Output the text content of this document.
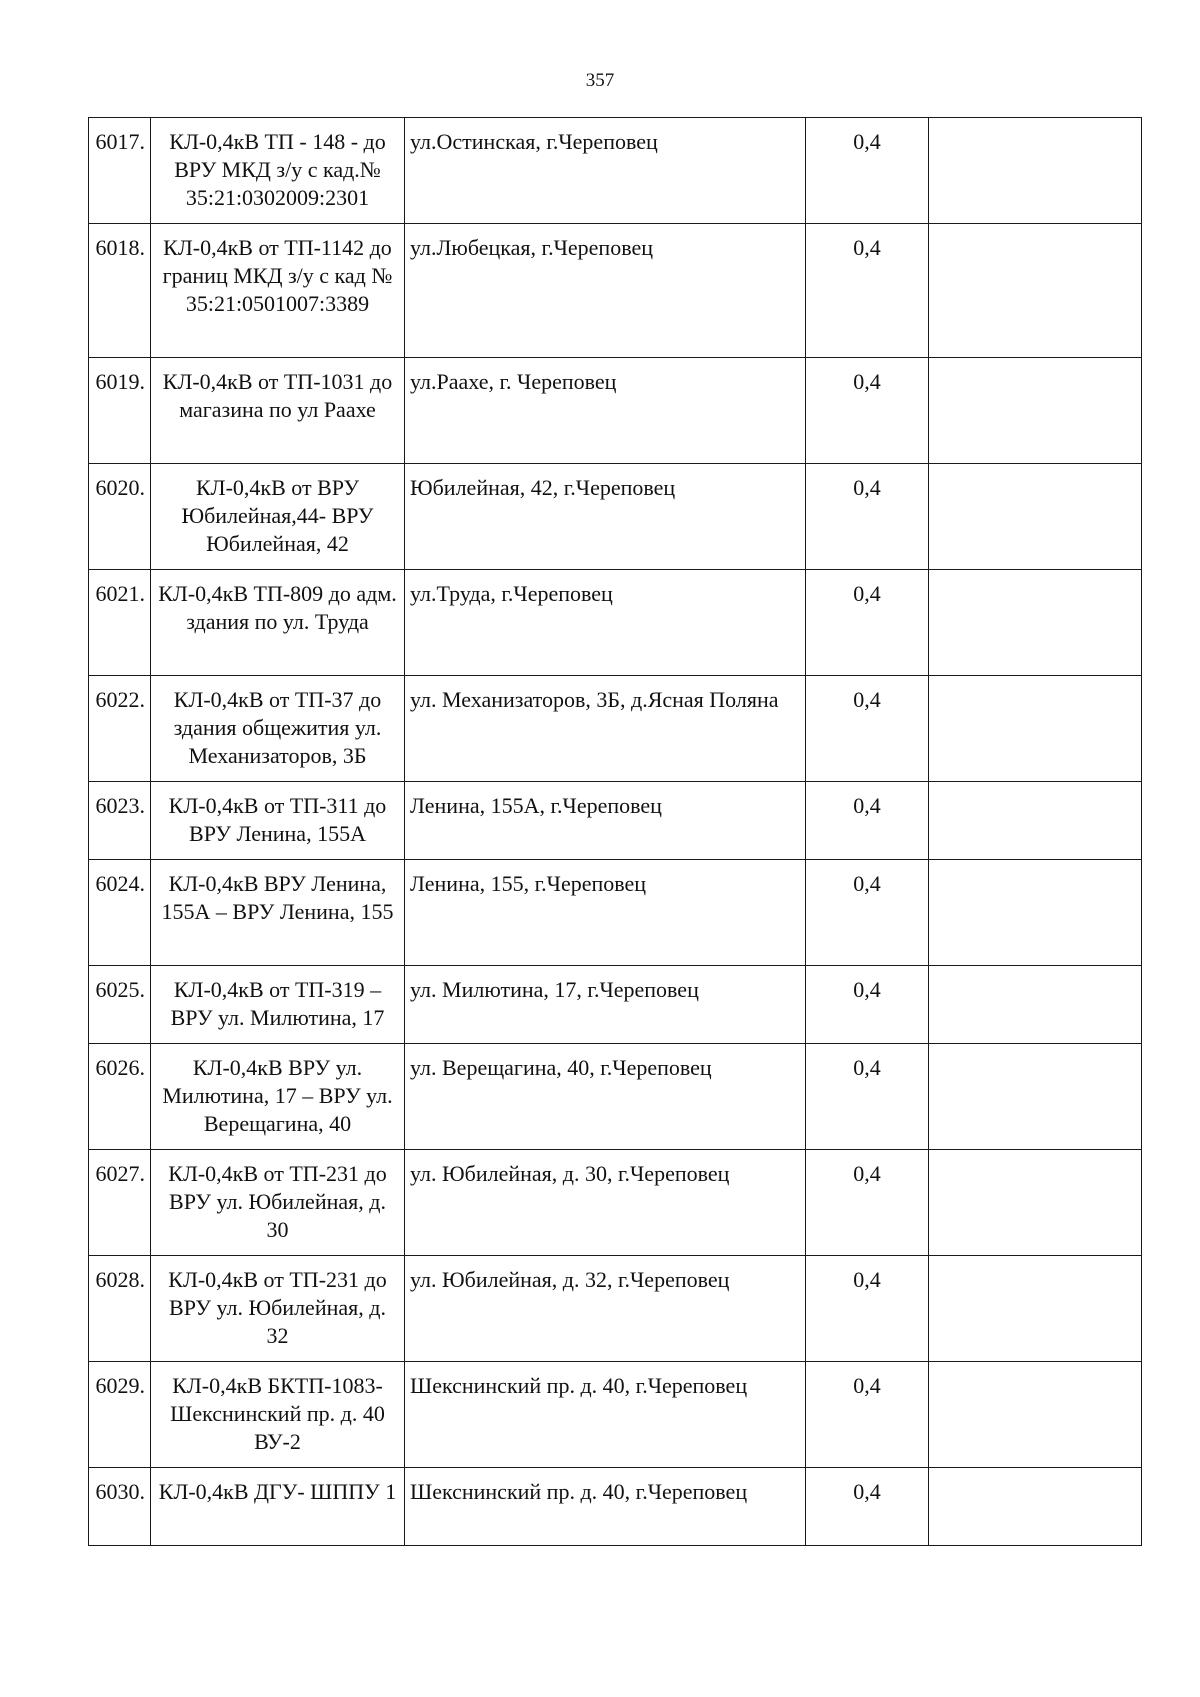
357
6017.	КЛ-0,4кВ ТП - 148 - до ВРУ МКД з/у с кад.№ 35:21:0302009:2301	ул.Остинская, г.Череповец	0,4	
6018.	КЛ-0,4кВ от ТП-1142 до границ МКД з/у с кад № 35:21:0501007:3389	ул.Любецкая, г.Череповец	0,4	
6019.	КЛ-0,4кВ от ТП-1031 до магазина по ул Раахе	ул.Раахе, г. Череповец	0,4	
6020.	КЛ-0,4кВ от ВРУ Юбилейная,44- ВРУ Юбилейная, 42	Юбилейная, 42, г.Череповец	0,4	
6021.	КЛ-0,4кВ ТП-809 до адм. здания по ул. Труда	ул.Труда, г.Череповец	0,4	
6022.	КЛ-0,4кВ от ТП-37 до здания общежития ул. Механизаторов, 3Б	ул. Механизаторов, 3Б, д.Ясная Поляна	0,4	
6023.	КЛ-0,4кВ от ТП-311 до ВРУ Ленина, 155А	Ленина, 155А, г.Череповец	0,4	
6024.	КЛ-0,4кВ ВРУ Ленина, 155А – ВРУ Ленина, 155	Ленина, 155, г.Череповец	0,4	
6025.	КЛ-0,4кВ от ТП-319 – ВРУ ул. Милютина, 17	ул. Милютина, 17, г.Череповец	0,4	
6026.	КЛ-0,4кВ ВРУ ул. Милютина, 17 – ВРУ ул. Верещагина, 40	ул. Верещагина, 40, г.Череповец	0,4	
6027.	КЛ-0,4кВ от ТП-231 до ВРУ ул. Юбилейная, д. 30	ул. Юбилейная, д. 30, г.Череповец	0,4	
6028.	КЛ-0,4кВ от ТП-231 до ВРУ ул. Юбилейная, д. 32	ул. Юбилейная, д. 32, г.Череповец	0,4	
6029.	КЛ-0,4кВ БКТП-1083- Шекснинский пр. д. 40 ВУ-2	Шекснинский пр. д. 40, г.Череповец	0,4	
6030.	КЛ-0,4кВ ДГУ- ШППУ 1	Шекснинский пр. д. 40, г.Череповец	0,4	
